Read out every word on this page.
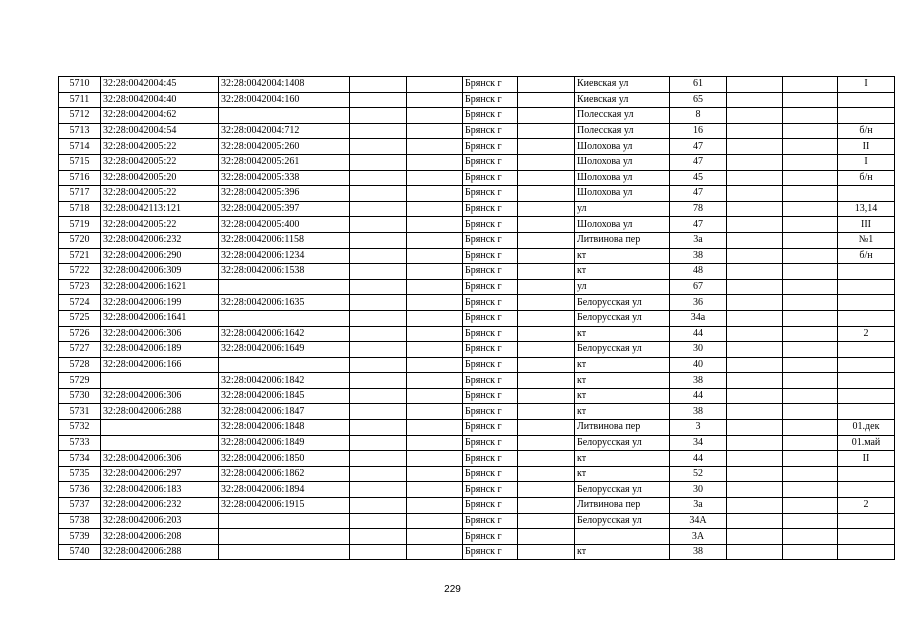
5710	32:28:0042004:45	32:28:0042004:1408			Брянск г		Киевская ул	61			I
5711	32:28:0042004:40	32:28:0042004:160			Брянск г		Киевская ул	65			
5712	32:28:0042004:62				Брянск г		Полесская ул	8			
5713	32:28:0042004:54	32:28:0042004:712			Брянск г		Полесская ул	16			б/н
5714	32:28:0042005:22	32:28:0042005:260			Брянск г		Шолохова ул	47			II
5715	32:28:0042005:22	32:28:0042005:261			Брянск г		Шолохова ул	47			I
5716	32:28:0042005:20	32:28:0042005:338			Брянск г		Шолохова ул	45			б/н
5717	32:28:0042005:22	32:28:0042005:396			Брянск г		Шолохова ул	47			
5718	32:28:0042113:121	32:28:0042005:397			Брянск г		ул	78			13,14
5719	32:28:0042005:22	32:28:0042005:400			Брянск г		Шолохова ул	47			III
5720	32:28:0042006:232	32:28:0042006:1158			Брянск г		Литвинова пер	3а			№1
5721	32:28:0042006:290	32:28:0042006:1234			Брянск г		кт	38			б/н
5722	32:28:0042006:309	32:28:0042006:1538			Брянск г		кт	48			
5723	32:28:0042006:1621				Брянск г		ул	67			
5724	32:28:0042006:199	32:28:0042006:1635			Брянск г		Белорусская ул	36			
5725	32:28:0042006:1641				Брянск г		Белорусская ул	34а			
5726	32:28:0042006:306	32:28:0042006:1642			Брянск г		кт	44			2
5727	32:28:0042006:189	32:28:0042006:1649			Брянск г		Белорусская ул	30			
5728	32:28:0042006:166				Брянск г		кт	40			
5729		32:28:0042006:1842			Брянск г		кт	38			
5730	32:28:0042006:306	32:28:0042006:1845			Брянск г		кт	44			
5731	32:28:0042006:288	32:28:0042006:1847			Брянск г		кт	38			
5732		32:28:0042006:1848			Брянск г		Литвинова пер	3			01.дек
5733		32:28:0042006:1849			Брянск г		Белорусская ул	34			01.май
5734	32:28:0042006:306	32:28:0042006:1850			Брянск г		кт	44			II
5735	32:28:0042006:297	32:28:0042006:1862			Брянск г		кт	52			
5736	32:28:0042006:183	32:28:0042006:1894			Брянск г		Белорусская ул	30			
5737	32:28:0042006:232	32:28:0042006:1915			Брянск г		Литвинова пер	3а			2
5738	32:28:0042006:203				Брянск г		Белорусская ул	34А			
5739	32:28:0042006:208				Брянск г			3А			
5740	32:28:0042006:288				Брянск г		кт	38			
229
